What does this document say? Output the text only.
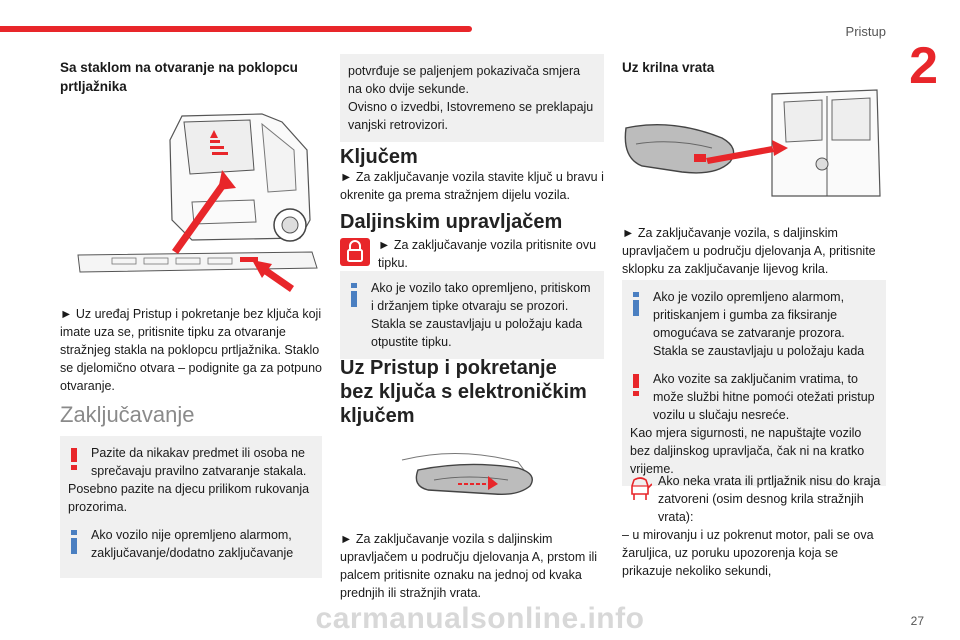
Pristup
2
27
Sa staklom na otvaranje na poklopcu prtljažnika

► Uz uređaj Pristup i pokretanje bez ključa koji imate uza se, pritisnite tipku za otvaranje stražnjeg stakla na poklopcu prtljažnika. Staklo se djelomično otvara – podignite ga za potpuno otvaranje.

Zaključavanje
Pazite da nikakav predmet ili osoba ne sprečavaju pravilno zatvaranje stakala.
Posebno pazite na djecu prilikom rukovanja prozorima.
Ako vozilo nije opremljeno alarmom, zaključavanje/dodatno zaključavanje
potvrđuje se paljenjem pokazivača smjera na oko dvije sekunde.
Ovisno o izvedbi, Istovremeno se preklapaju vanjski retrovizori.
Ključem

► Za zaključavanje vozila stavite ključ u bravu i okrenite ga prema stražnjem dijelu vozila.

Daljinskim upravljačem

► Za zaključavanje vozila pritisnite ovu tipku.

Ako je vozilo tako opremljeno, pritiskom i držanjem tipke otvaraju se prozori. Stakla se zaustavljaju u položaju kada otpustite tipku.
Uz Pristup i pokretanje bez ključa s elektroničkim ključem

► Za zaključavanje vozila s daljinskim upravljačem u području djelovanja A, prstom ili palcem pritisnite oznaku na jednoj od kvaka prednjih ili stražnjih vrata.

Uz krilna vrata

► Za zaključavanje vozila, s daljinskim upravljačem u području djelovanja A, pritisnite sklopku za zaključavanje lijevog krila.

Ako je vozilo opremljeno alarmom, pritiskanjem i gumba za fiksiranje omogućava se zatvaranje prozora. Stakla se zaustavljaju u položaju kada
Ako vozite sa zaključanim vratima, to može službi hitne pomoći otežati pristup vozilu u slučaju nesreće.
Kao mjera sigurnosti, ne napuštajte vozilo bez daljinskog upravljača, čak ni na kratko vrijeme.

Ako neka vrata ili prtljažnik nisu do kraja zatvoreni (osim desnog krila stražnjih vrata):

– u mirovanju i uz pokrenut motor, pali se ova žaruljica, uz poruku upozorenja koja se prikazuje nekoliko sekundi,

carmanualsonline.info
